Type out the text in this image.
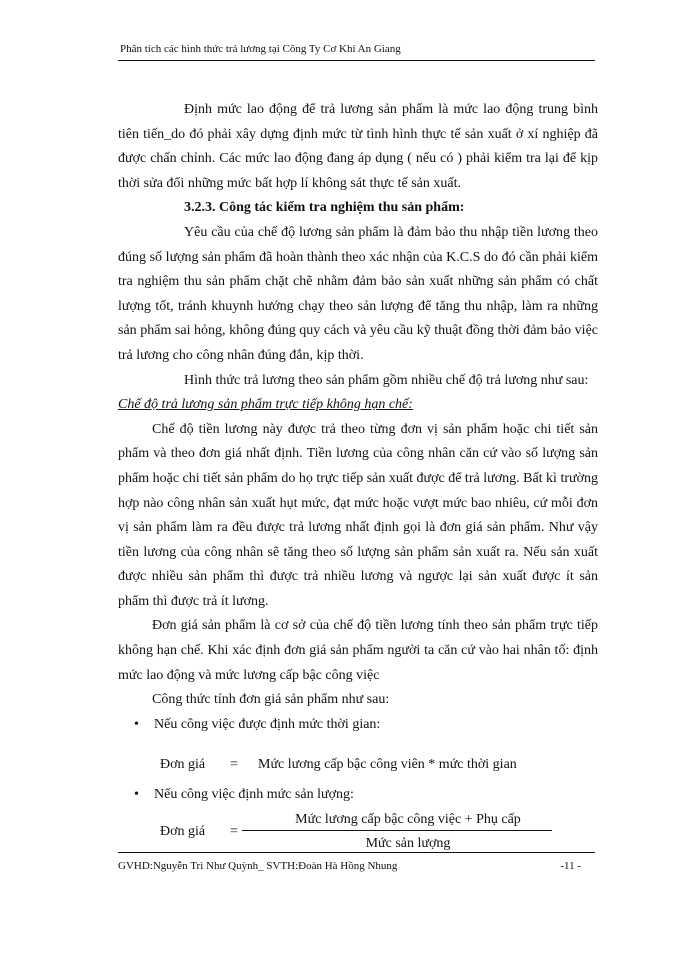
Phân tích các hình thức trả lương tại Công Ty Cơ Khí An Giang

Định mức lao động để trả lương sản phẩm là mức lao động trung bình tiên tiến_do đó phải xây dựng định mức từ tình hình thực tế sản xuất ở xí nghiệp đã được chấn chỉnh. Các mức lao động đang áp dụng ( nếu có ) phải kiểm tra lại để kịp thời sửa đổi những mức bất hợp lí không sát thực tế sản xuất.

3.2.3. Công tác kiểm tra nghiệm thu sản phẩm:

Yêu cầu của chế độ lương sản phẩm là đảm bảo thu nhập tiền lương theo đúng số lượng sản phẩm đã hoàn thành theo xác nhận của K.C.S do đó cần phải kiểm tra nghiệm thu sản phẩm chặt chẽ nhằm đảm bảo sản xuất những sản phẩm có chất lượng tốt, tránh khuynh hướng chạy theo sản lượng để tăng thu nhập, làm ra những sản phẩm sai hỏng, không đúng quy cách và yêu cầu kỹ thuật đồng thời đảm bảo việc trả lương cho công nhân đúng đắn, kịp thời.

Hình thức trả lương theo sản phẩm gồm nhiều chế độ trả lương như sau:

Chế độ trả lương sản phẩm trực tiếp không hạn chế:

Chế độ tiền lương này được trả theo từng đơn vị sản phẩm hoặc chi tiết sản phẩm và theo đơn giá nhất định. Tiền lương của công nhân căn cứ vào số lượng sản phẩm hoặc chi tiết sản phẩm do họ trực tiếp sản xuất được để trả lương. Bất kì trường hợp nào công nhân sản xuất hụt mức, đạt mức hoặc vượt mức bao nhiêu, cứ mỗi đơn vị sản phẩm làm ra đều được trả lương nhất định gọi là đơn giá sản phẩm. Như vậy tiền lương của công nhân sẽ tăng theo số lượng sản phẩm sản xuất ra. Nếu sản xuất được nhiều sản phẩm thì được trả nhiều lương và ngược lại sản xuất được ít sản phẩm thì được trả ít lương.

Đơn giá sản phẩm là cơ sở của chế độ tiền lương tính theo sản phẩm trực tiếp không hạn chế. Khi xác định đơn giá sản phẩm người ta căn cứ vào hai nhân tố: định mức lao động và mức lương cấp bậc công việc

Công thức tính đơn giá sản phẩm như sau:

• Nếu công việc được định mức thời gian:
Đơn giá = Mức lương cấp bậc công viên * mức thời gian
• Nếu công việc định mức sản lượng:
Đơn giá =
Mức lương cấp bậc công việc + Phụ cấp
Mức sản lượng
GVHD:Nguyễn Tri Như Quỳnh_ SVTH:Đoàn Hà Hồng Nhung	-11 -
